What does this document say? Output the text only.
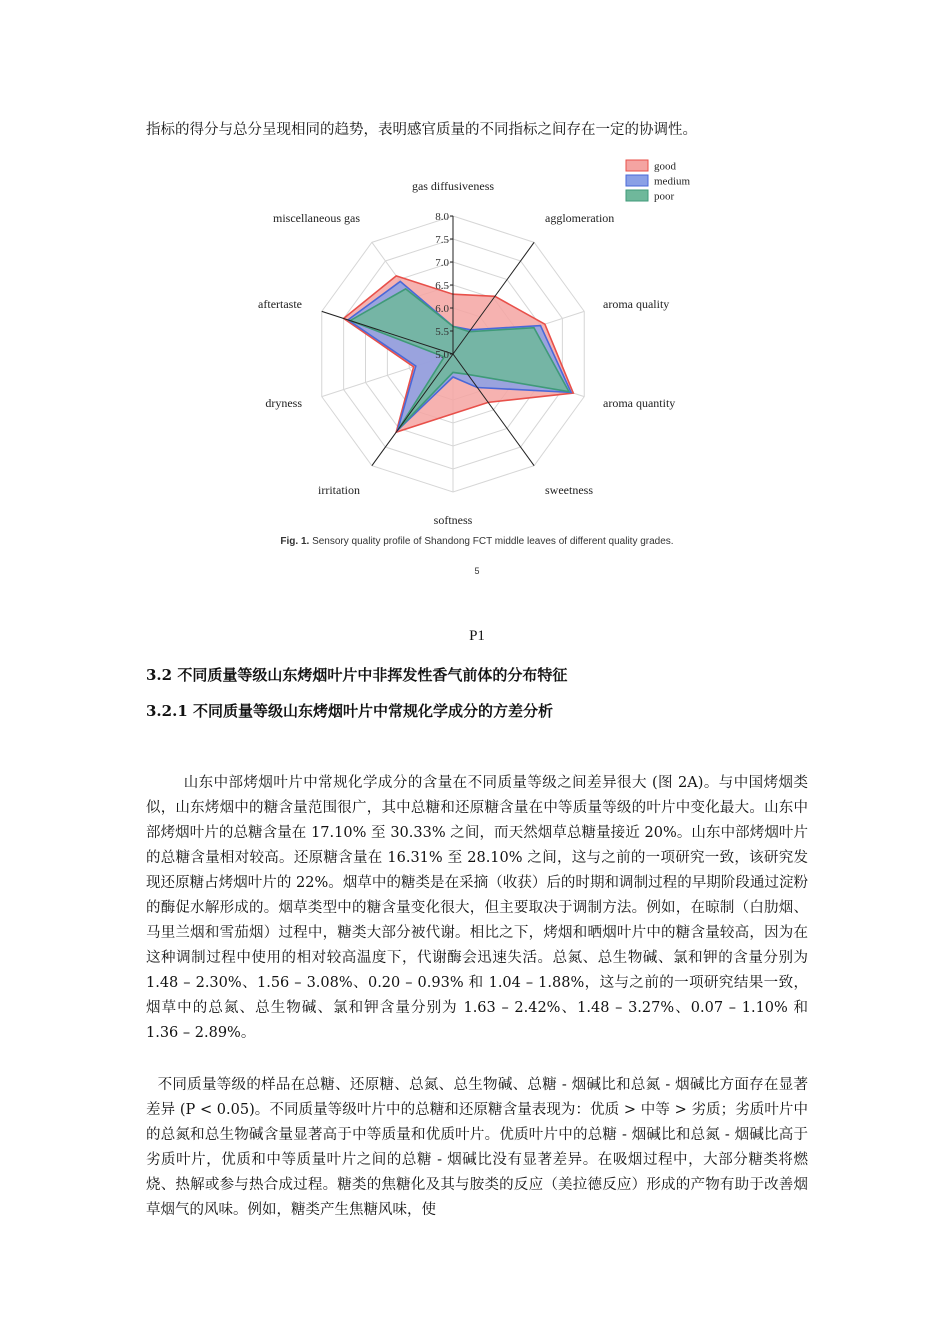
指标的得分与总分呈现相同的趋势，表明感官质量的不同指标之间存在一定的协调性。

5.0
5.5
6.0
6.5
7.0
7.5
8.0
gas diffusiveness
agglomeration
aroma quality
aroma quantity
sweetness
softness
irritation
dryness
aftertaste
miscellaneous gas
good
medium
poor
Fig. 1. Sensory quality profile of Shandong FCT middle leaves of different quality grades.
5
P1
3.2 不同质量等级山东烤烟叶片中非挥发性香气前体的分布特征
3.2.1 不同质量等级山东烤烟叶片中常规化学成分的方差分析

山东中部烤烟叶片中常规化学成分的含量在不同质量等级之间差异很大 (图 2A)。与中国烤烟类似，山东烤烟中的糖含量范围很广，其中总糖和还原糖含量在中等质量等级的叶片中变化最大。山东中部烤烟叶片的总糖含量在 17.10% 至 30.33% 之间，而天然烟草总糖量接近 20%。山东中部烤烟叶片的总糖含量相对较高。还原糖含量在 16.31% 至 28.10% 之间，这与之前的一项研究一致，该研究发现还原糖占烤烟叶片的 22%。烟草中的糖类是在采摘（收获）后的时期和调制过程的早期阶段通过淀粉的酶促水解形成的。烟草类型中的糖含量变化很大，但主要取决于调制方法。例如，在晾制（白肋烟、马里兰烟和雪茄烟）过程中，糖类大部分被代谢。相比之下，烤烟和晒烟叶片中的糖含量较高，因为在这种调制过程中使用的相对较高温度下，代谢酶会迅速失活。总氮、总生物碱、氯和钾的含量分别为 1.48 – 2.30%、1.56 – 3.08%、0.20 – 0.93% 和 1.04 – 1.88%，这与之前的一项研究结果一致，烟草中的总氮、总生物碱、氯和钾含量分别为 1.63 – 2.42%、1.48 – 3.27%、0.07 – 1.10% 和 1.36 – 2.89%。

不同质量等级的样品在总糖、还原糖、总氮、总生物碱、总糖 - 烟碱比和总氮 - 烟碱比方面存在显著差异 (P < 0.05)。不同质量等级叶片中的总糖和还原糖含量表现为：优质 > 中等 > 劣质；劣质叶片中的总氮和总生物碱含量显著高于中等质量和优质叶片。优质叶片中的总糖 - 烟碱比和总氮 - 烟碱比高于劣质叶片，优质和中等质量叶片之间的总糖 - 烟碱比没有显著差异。在吸烟过程中，大部分糖类将燃烧、热解或参与热合成过程。糖类的焦糖化及其与胺类的反应（美拉德反应）形成的产物有助于改善烟草烟气的风味。例如，糖类产生焦糖风味，使
